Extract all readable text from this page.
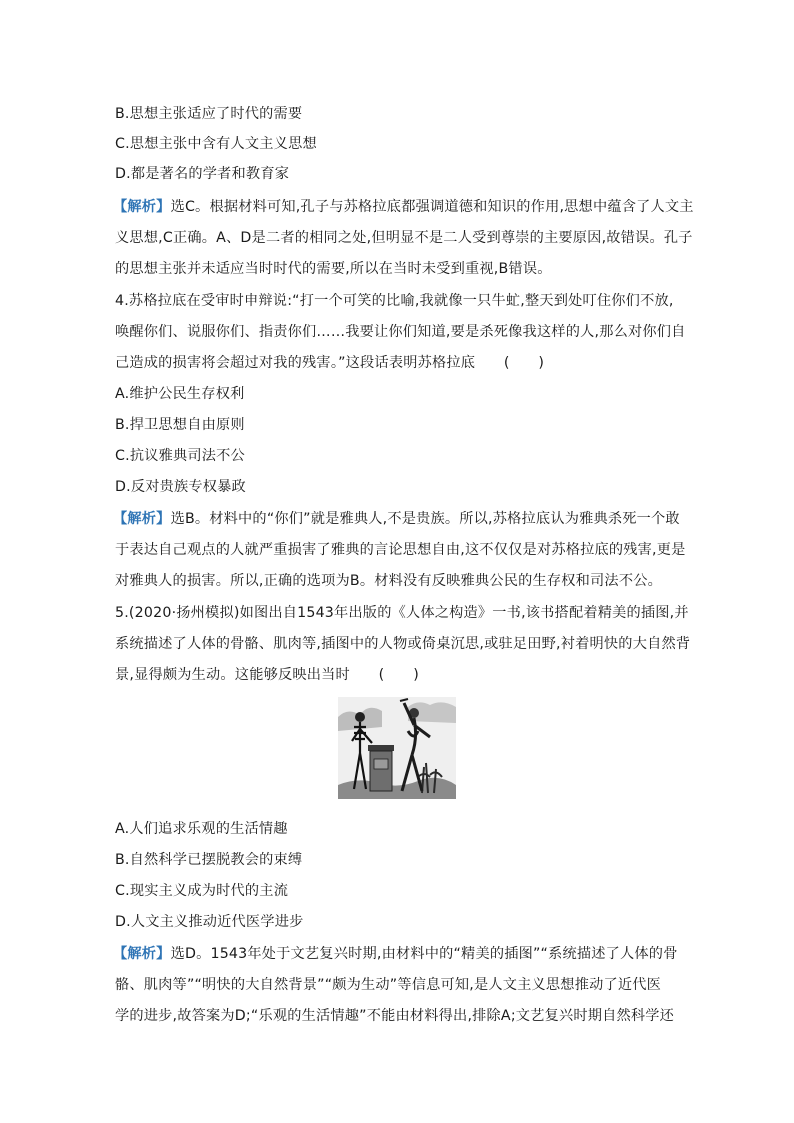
B.思想主张适应了时代的需要
C.思想主张中含有人文主义思想
D.都是著名的学者和教育家
【解析】选C。根据材料可知,孔子与苏格拉底都强调道德和知识的作用,思想中蕴含了人文主
义思想,C正确。A、D是二者的相同之处,但明显不是二人受到尊崇的主要原因,故错误。孔子
的思想主张并未适应当时时代的需要,所以在当时未受到重视,B错误。
4.苏格拉底在受审时申辩说:“打一个可笑的比喻,我就像一只牛虻,整天到处叮住你们不放,
唤醒你们、说服你们、指责你们……我要让你们知道,要是杀死像我这样的人,那么对你们自
己造成的损害将会超过对我的残害。”这段话表明苏格拉底　　(　　)
A.维护公民生存权利
B.捍卫思想自由原则
C.抗议雅典司法不公
D.反对贵族专权暴政
【解析】选B。材料中的“你们”就是雅典人,不是贵族。所以,苏格拉底认为雅典杀死一个敢
于表达自己观点的人就严重损害了雅典的言论思想自由,这不仅仅是对苏格拉底的残害,更是
对雅典人的损害。所以,正确的选项为B。材料没有反映雅典公民的生存权和司法不公。
5.(2020·扬州模拟)如图出自1543年出版的《人体之构造》一书,该书搭配着精美的插图,并
系统描述了人体的骨骼、肌肉等,插图中的人物或倚桌沉思,或驻足田野,衬着明快的大自然背
景,显得颇为生动。这能够反映出当时　　(　　)
A.人们追求乐观的生活情趣
B.自然科学已摆脱教会的束缚
C.现实主义成为时代的主流
D.人文主义推动近代医学进步
【解析】选D。1543年处于文艺复兴时期,由材料中的“精美的插图”“系统描述了人体的骨
骼、肌肉等”“明快的大自然背景”“颇为生动”等信息可知,是人文主义思想推动了近代医
学的进步,故答案为D;“乐观的生活情趣”不能由材料得出,排除A;文艺复兴时期自然科学还
